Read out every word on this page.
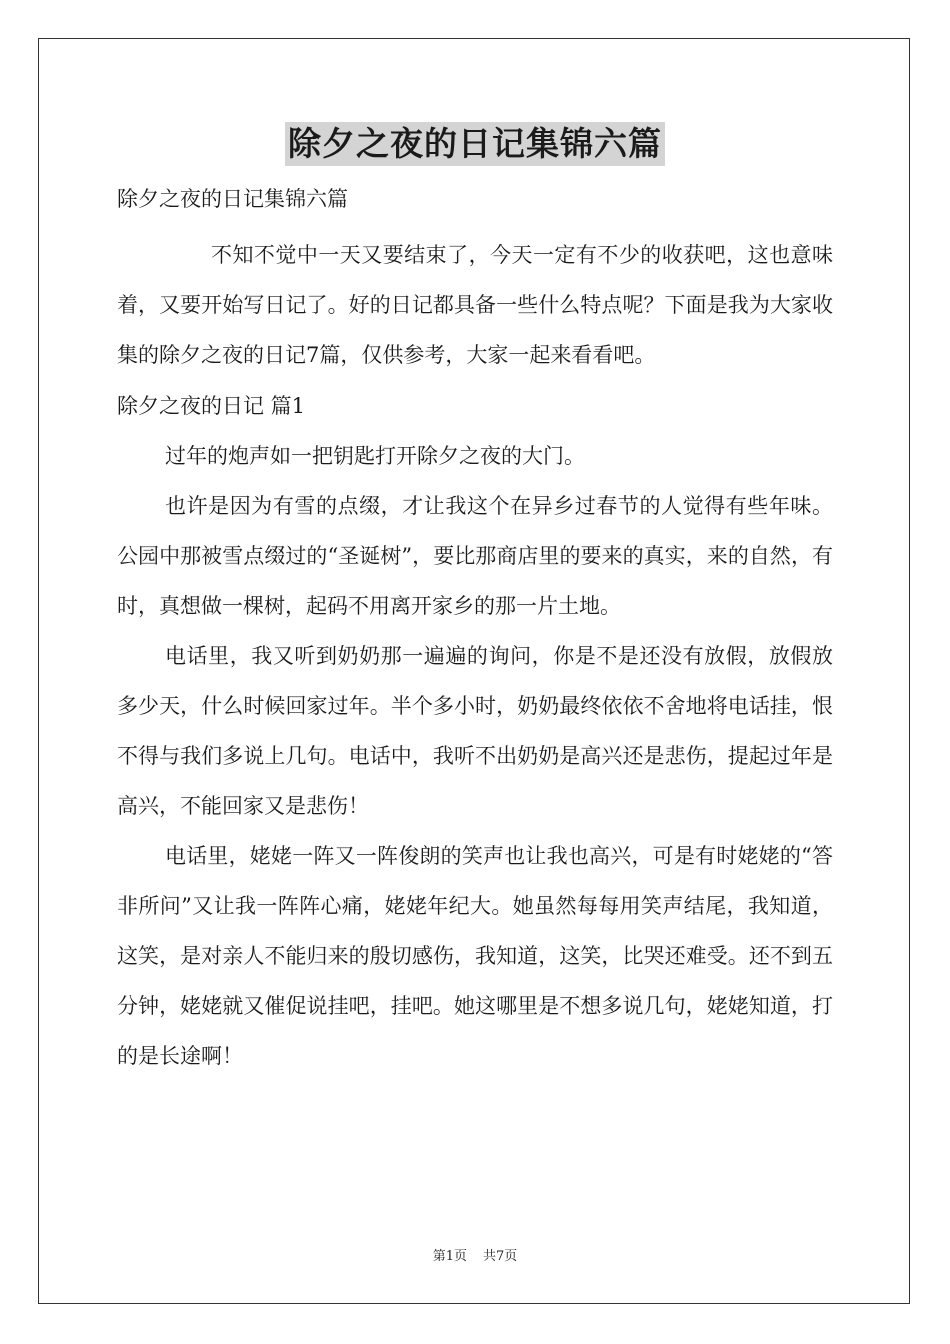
除夕之夜的日记集锦六篇

除夕之夜的日记集锦六篇

不知不觉中一天又要结束了，今天一定有不少的收获吧，这也意味着，又要开始写日记了。好的日记都具备一些什么特点呢？下面是我为大家收集的除夕之夜的日记7篇，仅供参考，大家一起来看看吧。

除夕之夜的日记 篇1

过年的炮声如一把钥匙打开除夕之夜的大门。

也许是因为有雪的点缀，才让我这个在异乡过春节的人觉得有些年味。公园中那被雪点缀过的“圣诞树”，要比那商店里的要来的真实，来的自然，有时，真想做一棵树，起码不用离开家乡的那一片土地。

电话里，我又听到奶奶那一遍遍的询问，你是不是还没有放假，放假放多少天，什么时候回家过年。半个多小时，奶奶最终依依不舍地将电话挂，恨不得与我们多说上几句。电话中，我听不出奶奶是高兴还是悲伤，提起过年是高兴，不能回家又是悲伤！

电话里，姥姥一阵又一阵俊朗的笑声也让我也高兴，可是有时姥姥的“答非所问”又让我一阵阵心痛，姥姥年纪大。她虽然每每用笑声结尾，我知道，这笑，是对亲人不能归来的殷切感伤，我知道，这笑，比哭还难受。还不到五分钟，姥姥就又催促说挂吧，挂吧。她这哪里是不想多说几句，姥姥知道，打的是长途啊！

第1页 共7页
